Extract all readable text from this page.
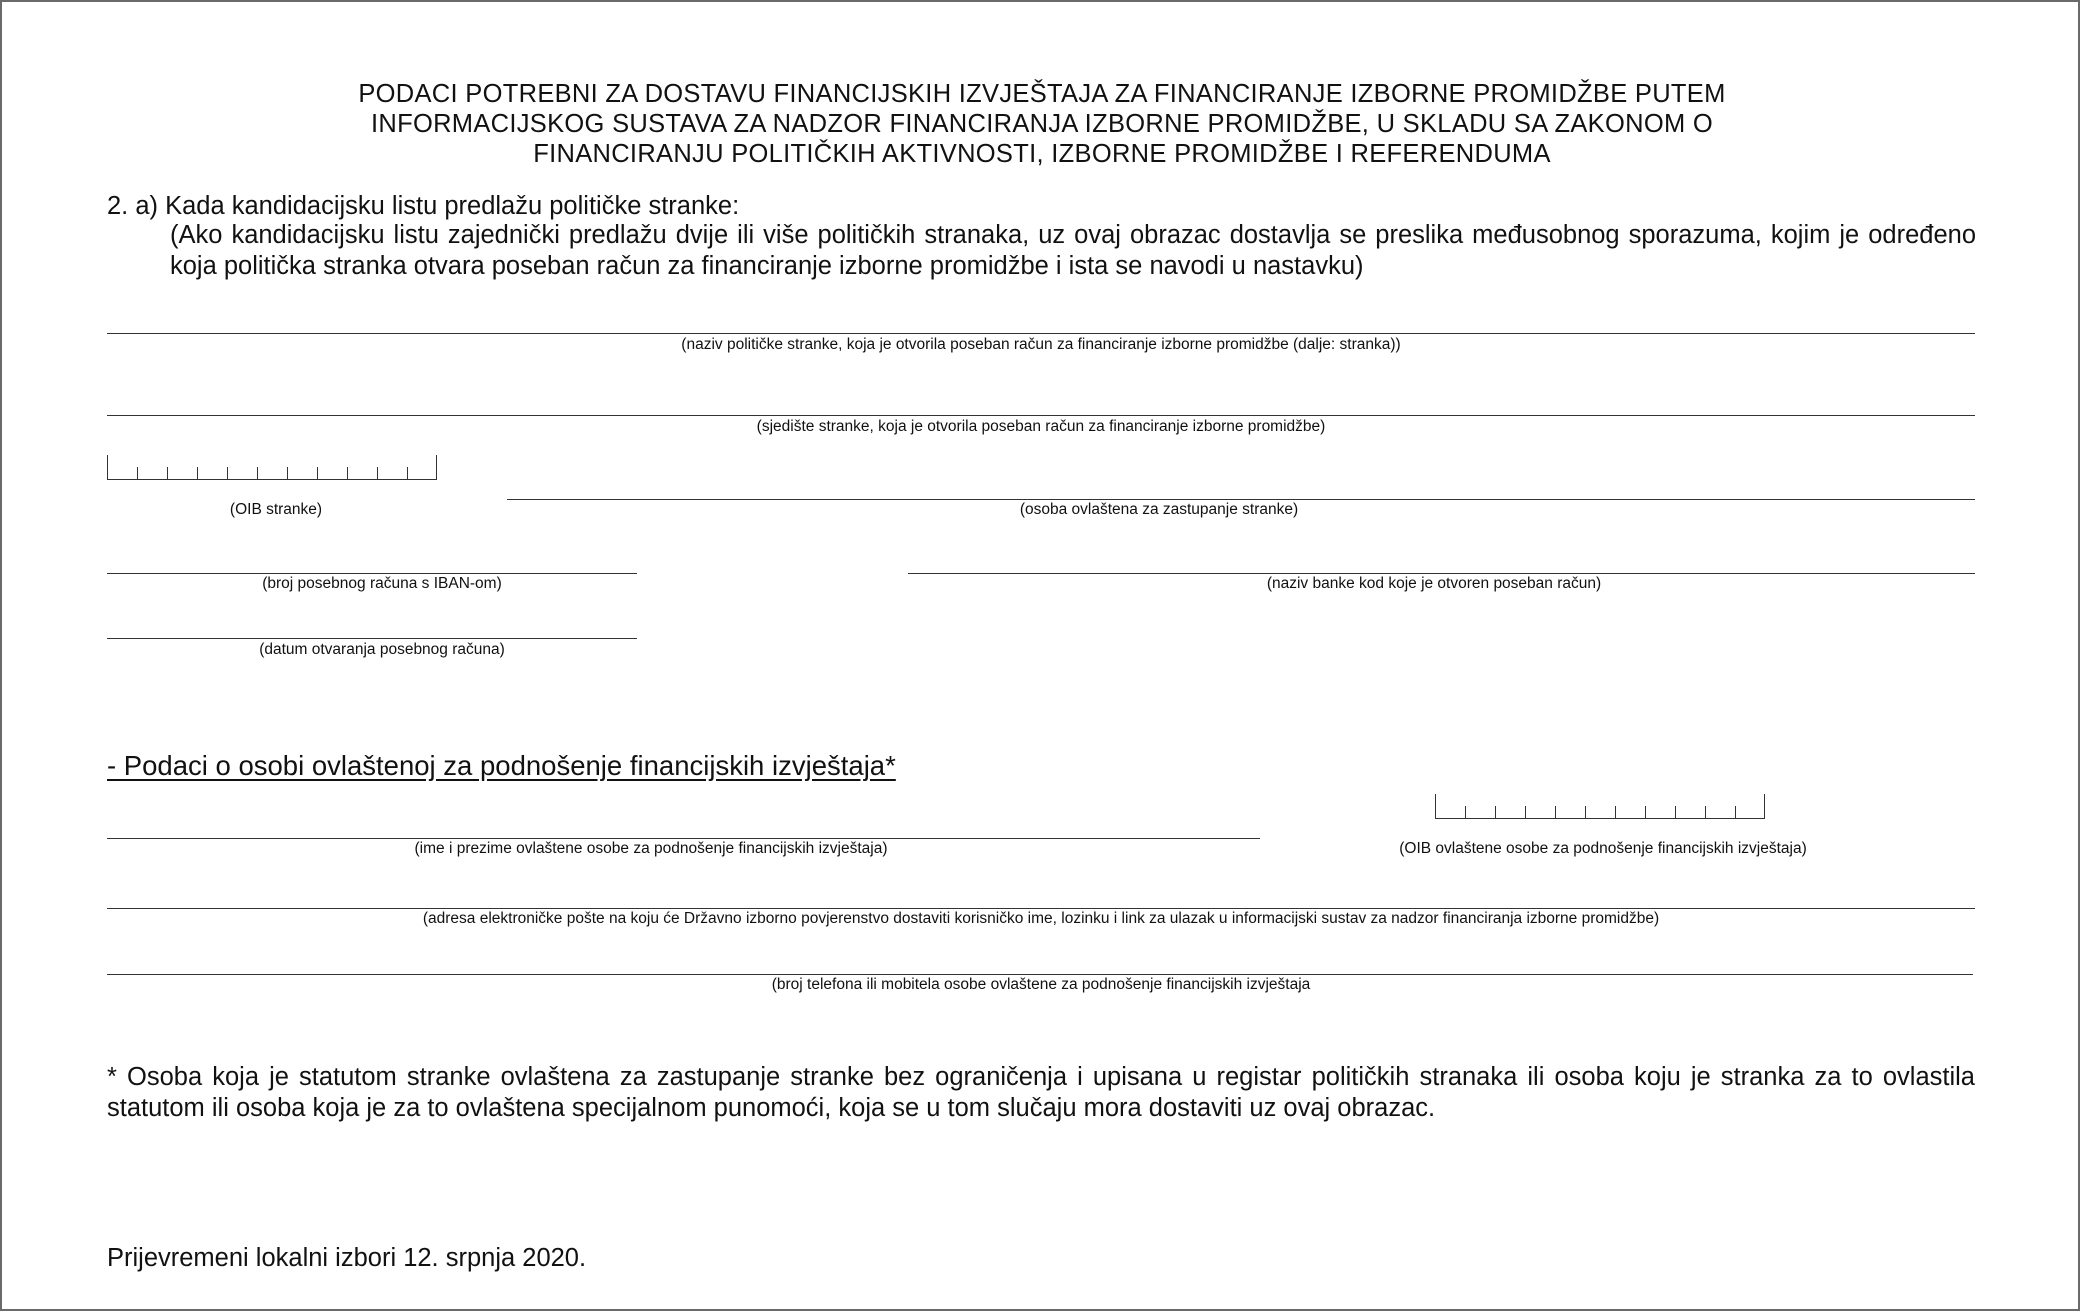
PODACI POTREBNI ZA DOSTAVU FINANCIJSKIH IZVJEŠTAJA ZA FINANCIRANJE IZBORNE PROMIDŽBE PUTEM
INFORMACIJSKOG SUSTAVA ZA NADZOR FINANCIRANJA IZBORNE PROMIDŽBE, U SKLADU SA ZAKONOM O
FINANCIRANJU POLITIČKIH AKTIVNOSTI, IZBORNE PROMIDŽBE I REFERENDUMA
2. a) Kada kandidacijsku listu predlažu političke stranke:
(Ako kandidacijsku listu zajednički predlažu dvije ili više političkih stranaka, uz ovaj obrazac dostavlja se preslika međusobnog sporazuma, kojim je određeno koja politička stranka otvara poseban račun za financiranje izborne promidžbe i ista se navodi u nastavku)
(naziv političke stranke, koja je otvorila poseban račun za financiranje izborne promidžbe (dalje: stranka))
(sjedište stranke, koja je otvorila poseban račun za financiranje izborne promidžbe)
(OIB stranke)	(osoba ovlaštena za zastupanje stranke)
(broj posebnog računa s IBAN-om)	(naziv banke kod koje je otvoren poseban račun)
(datum otvaranja posebnog računa)
- Podaci o osobi ovlaštenoj za podnošenje financijskih izvještaja*
(ime i prezime ovlaštene osobe za podnošenje financijskih izvještaja)	(OIB ovlaštene osobe za podnošenje financijskih izvještaja)
(adresa elektroničke pošte na koju će Državno izborno povjerenstvo dostaviti korisničko ime, lozinku i link za ulazak u informacijski sustav za nadzor financiranja izborne promidžbe)
(broj telefona ili mobitela osobe ovlaštene za podnošenje financijskih izvještaja
* Osoba koja je statutom stranke ovlaštena za zastupanje stranke bez ograničenja i upisana u registar političkih stranaka ili osoba koju je stranka za to ovlastila statutom ili osoba koja je za to ovlaštena specijalnom punomoći, koja se u tom slučaju mora dostaviti uz ovaj obrazac.
Prijevremeni lokalni izbori 12. srpnja 2020.
